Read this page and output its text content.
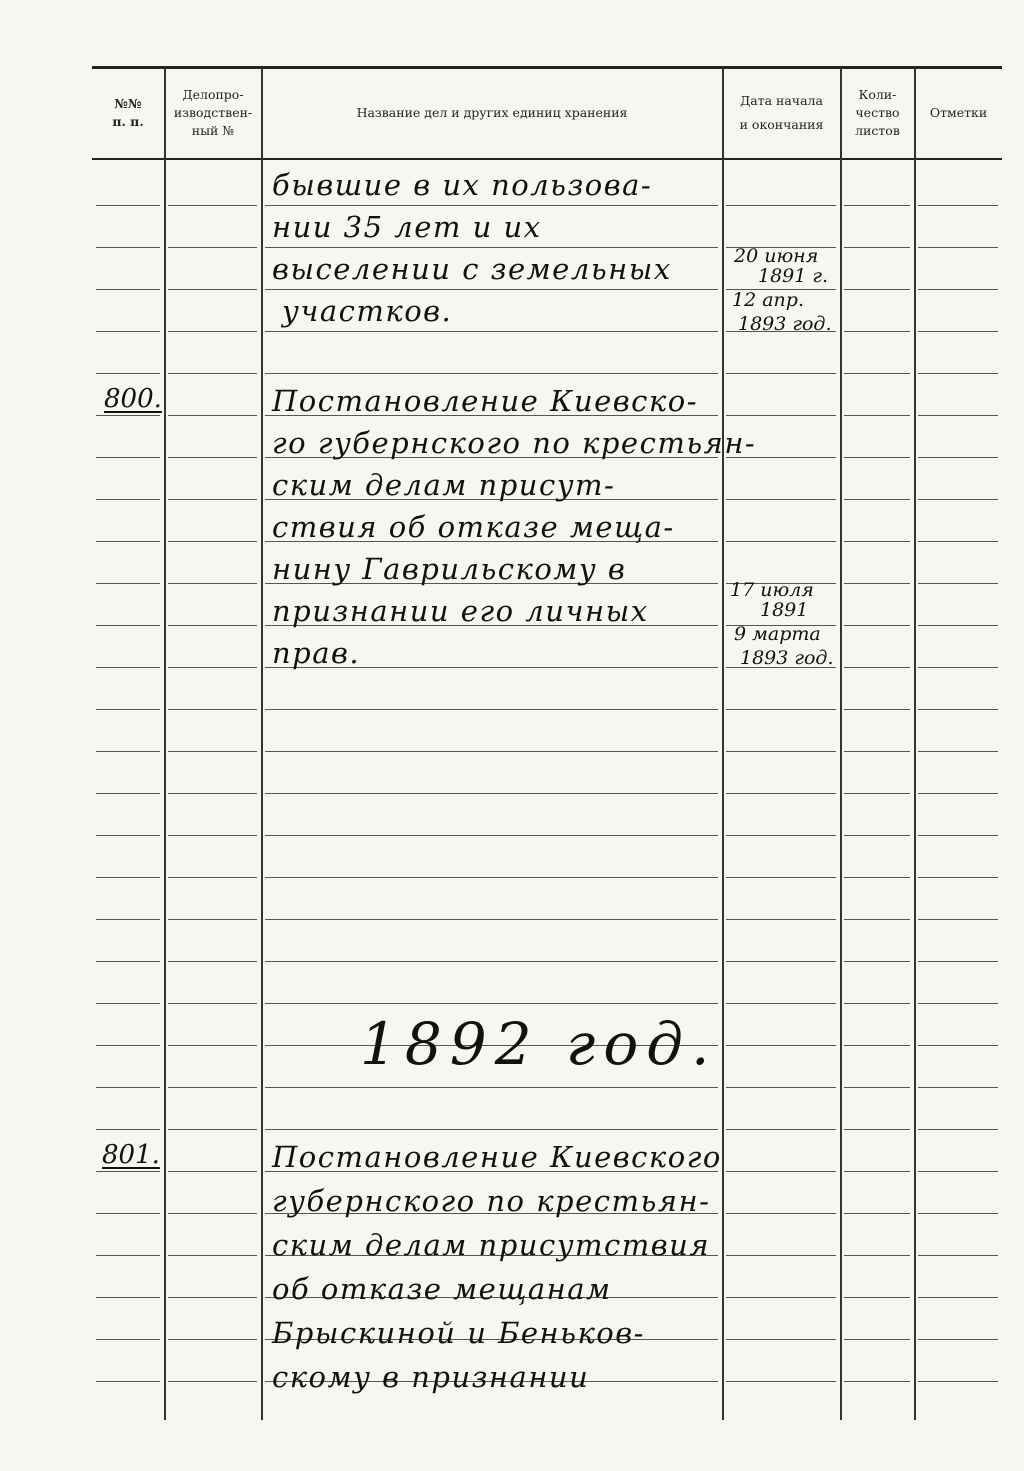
№№
п. п.
Делопро-
изводствен-
ный №
Название дел и других единиц хранения
Дата начала
и окончания
Коли-
чество
листов
Отметки
бывшие в их пользова-
нии 35 лет и их
выселении с земельных
участков.
20 июня
1891 г.
12 апр.
1893 год.
800.	Постановление Киевско-
го губернского по крестьян-
ским делам присут-
ствия об отказе меща-
нину Гаврильскому в
признании его личных
прав.
17 июля
1891
9 марта
1893 год.
1892 год.
801.	Постановление Киевского
губернского по крестьян-
ским делам присутствия
об отказе мещанам
Брыскиной и Беньков-
скому в признании
